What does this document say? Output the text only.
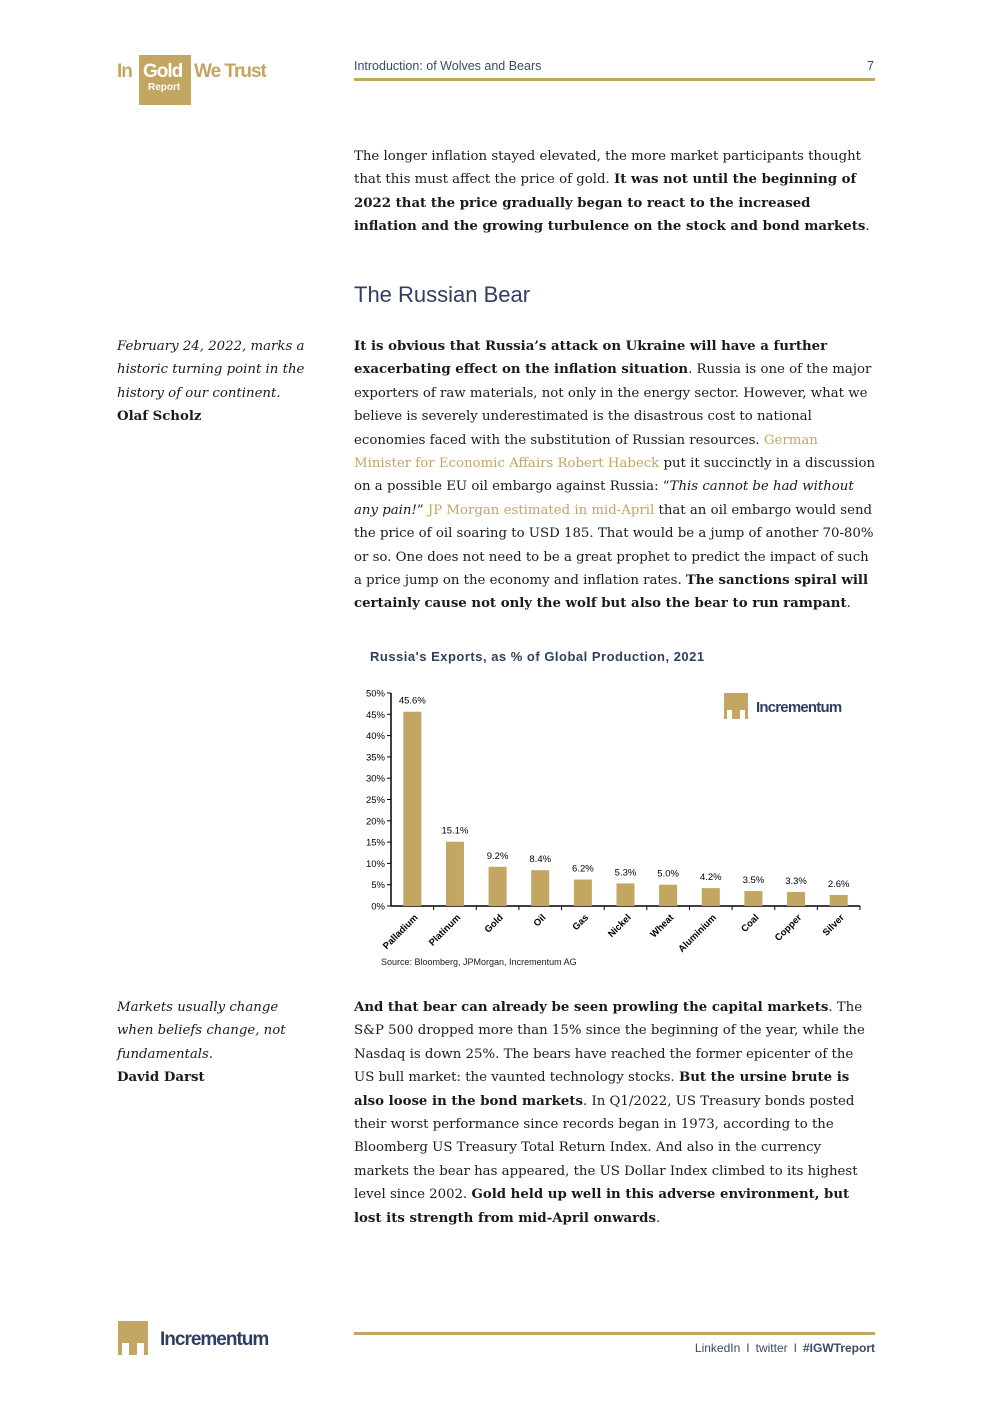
In Gold
Report
We Trust	Introduction: of Wolves and Bears	7

The longer inflation stayed elevated, the more market participants thought that this must affect the price of gold. It was not until the beginning of 2022 that the price gradually began to react to the increased inflation and the growing turbulence on the stock and bond markets.

The Russian Bear
February 24, 2022, marks a historic turning point in the history of our continent.
Olaf Scholz

It is obvious that Russia’s attack on Ukraine will have a further exacerbating effect on the inflation situation. Russia is one of the major exporters of raw materials, not only in the energy sector. However, what we believe is severely underestimated is the disastrous cost to national economies faced with the substitution of Russian resources. German Minister for Economic Affairs Robert Habeck put it succinctly in a discussion on a possible EU oil embargo against Russia: “This cannot be had without any pain!” JP Morgan estimated in mid-April that an oil embargo would send the price of oil soaring to USD 185. That would be a jump of another 70-80% or so. One does not need to be a great prophet to predict the impact of such a price jump on the economy and inflation rates. The sanctions spiral will certainly cause not only the wolf but also the bear to run rampant.

Russia's Exports, as % of Global Production, 2021
0%
5%
10%
15%
20%
25%
30%
35%
40%
45%
50%
45.6%
Palladium
15.1%
Platinum
9.2%
Gold
8.4%
Oil
6.2%
Gas
5.3%
Nickel
5.0%
Wheat
4.2%
Aluminium
3.5%
Coal
3.3%
Copper
2.6%
Silver
Incrementum
Source: Bloomberg, JPMorgan, Incrementum AG
Markets usually change when beliefs change, not fundamentals.
David Darst

And that bear can already be seen prowling the capital markets. The S&P 500 dropped more than 15% since the beginning of the year, while the Nasdaq is down 25%. The bears have reached the former epicenter of the US bull market: the vaunted technology stocks. But the ursine brute is also loose in the bond markets. In Q1/2022, US Treasury bonds posted their worst performance since records began in 1973, according to the Bloomberg US Treasury Total Return Index. And also in the currency markets the bear has appeared, the US Dollar Index climbed to its highest level since 2002. Gold held up well in this adverse environment, but lost its strength from mid-April onwards.

Incrementum	LinkedIn I twitter I #IGWTreport
